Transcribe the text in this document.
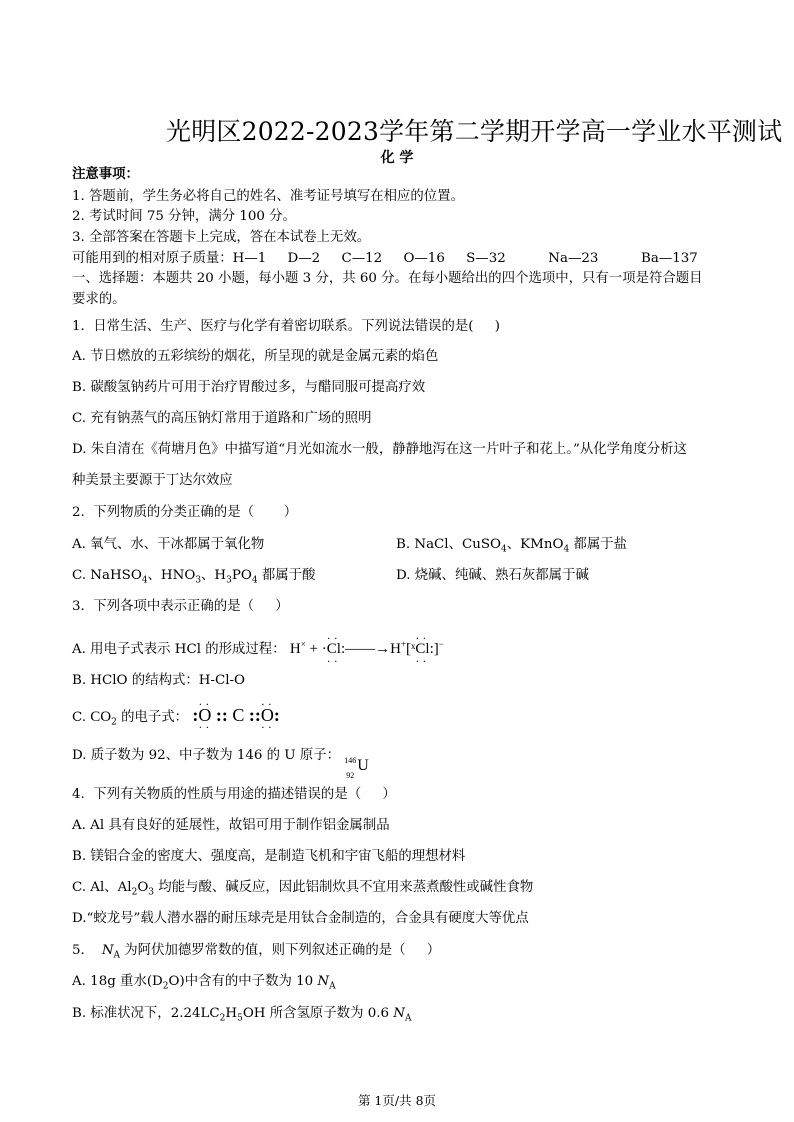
光明区2022-2023学年第二学期开学高一学业水平测试
化 学
注意事项：
1. 答题前，学生务必将自己的姓名、准考证号填写在相应的位置。
2. 考试时间 75 分钟，满分 100 分。
3. 全部答案在答题卡上完成，答在本试卷上无效。
可能用到的相对原子质量：H—1     D—2     C—12     O—16     S—32          Na—23          Ba—137
一、选择题：本题共 20 小题，每小题 3 分，共 60 分。在每小题给出的四个选项中，只有一项是符合题目
要求的。
1.  日常生活、生产、医疗与化学有着密切联系。下列说法错误的是(     )
A. 节日燃放的五彩缤纷的烟花，所呈现的就是金属元素的焰色
B. 碳酸氢钠药片可用于治疗胃酸过多，与醋同服可提高疗效
C. 充有钠蒸气的高压钠灯常用于道路和广场的照明
D. 朱自清在《荷塘月色》中描写道“月光如流水一般，静静地泻在这一片叶子和花上。”从化学角度分析这
种美景主要源于丁达尔效应
2.  下列物质的分类正确的是（       ）
A. 氧气、水、干冰都属于氧化物	B. NaCl、CuSO$_4$、KMnO$_4$ 都属于盐
C. NaHSO$_4$、$HNO_3$、$H_3PO_4$ 都属于酸	D. 烧碱、纯碱、熟石灰都属于碱
3.  下列各项中表示正确的是（     ）
A. 用电子式表示 HCl 的形成过程： H× + ·· · Cl · ·:——→H+[ˣ· · Cl · ·:]−
B. HClO 的结构式：H-Cl-O
C. $CO_2$ 的电子式： :· · O · · :: C ::· · O · ·:
D. 质子数为 92、中子数为 146 的 U 原子： 146
92
U
4.  下列有关物质的性质与用途的描述错误的是（     ）
A. Al 具有良好的延展性，故铝可用于制作铝金属制品
B. 镁铝合金的密度大、强度高，是制造飞机和宇宙飞船的理想材料
C. Al、$Al_2O_3$ 均能与酸、碱反应，因此铝制炊具不宜用来蒸煮酸性或碱性食物
D.“蛟龙号”载人潜水器的耐压球壳是用钛合金制造的，合金具有硬度大等优点
5.    $N_A$ 为阿伏加德罗常数的值，则下列叙述正确的是（     ）
A. 18g 重水$(D_2O)$中含有的中子数为 10 $N_A$
B. 标准状况下，$2.24LC_2H_5OH$ 所含氢原子数为 0.6 $N_A$
第 1页/共 8页
